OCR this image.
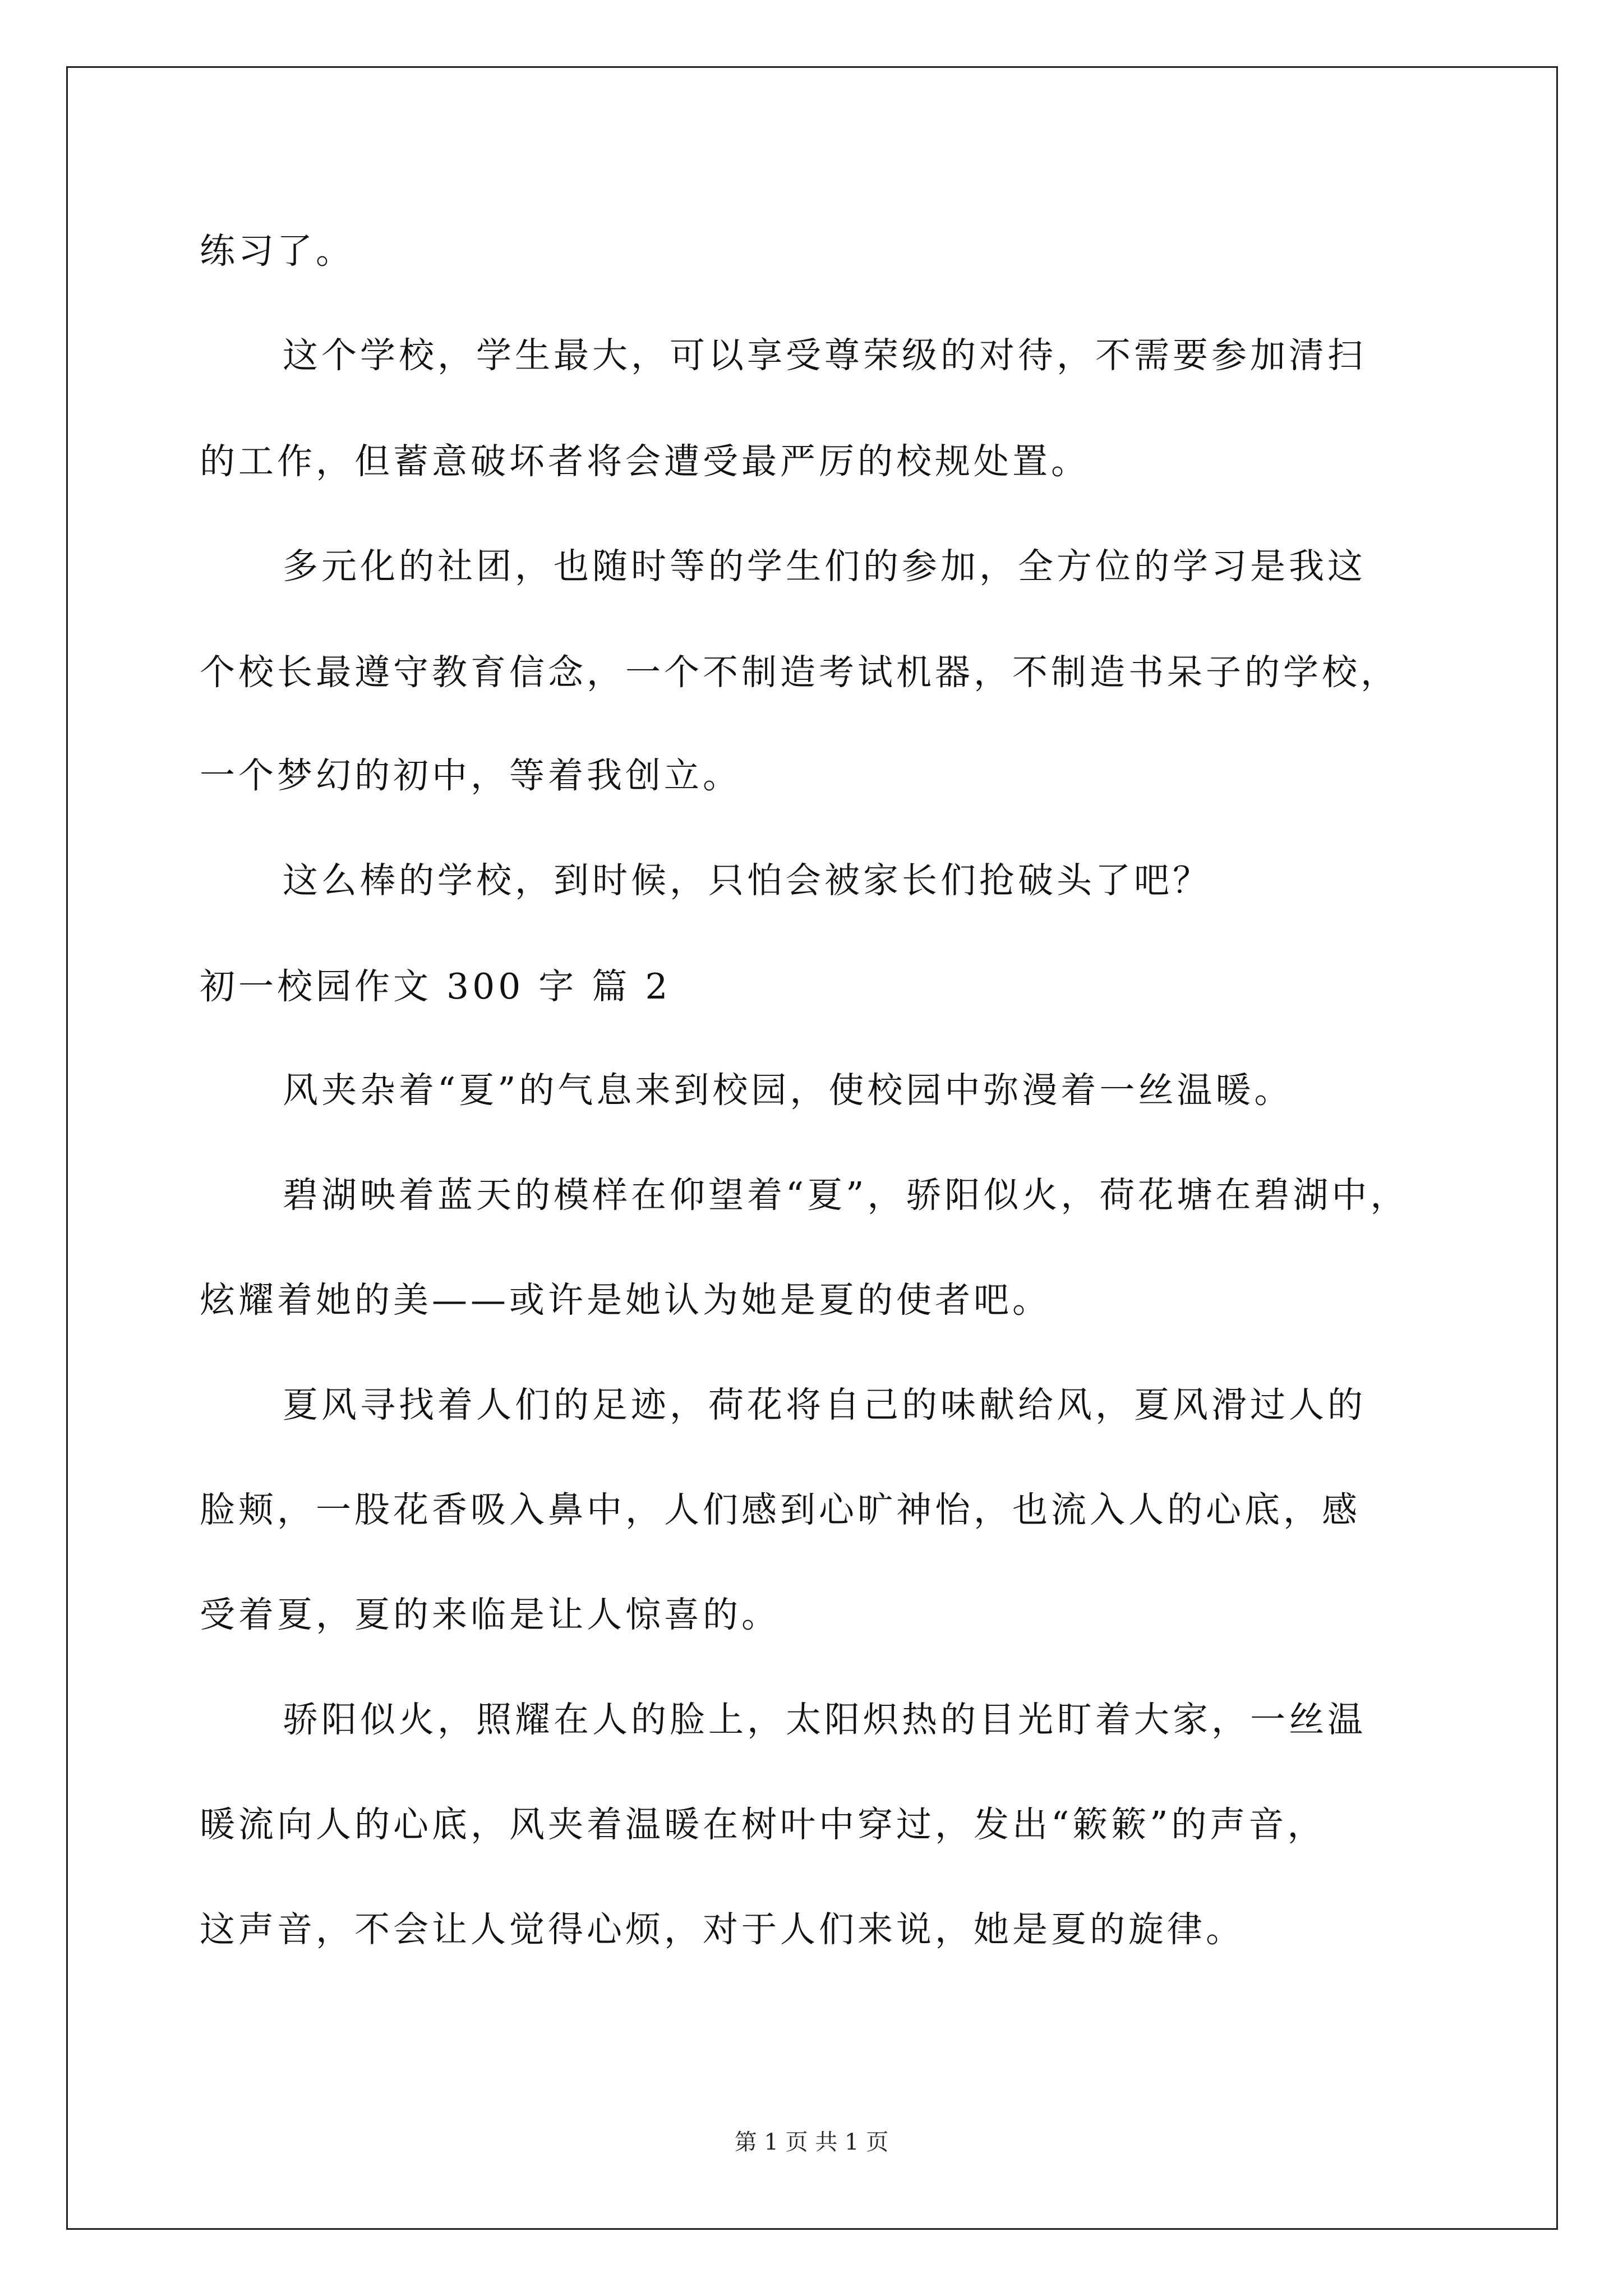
练习了。
这个学校，学生最大，可以享受尊荣级的对待，不需要参加清扫
的工作，但蓄意破坏者将会遭受最严厉的校规处置。
多元化的社团，也随时等的学生们的参加，全方位的学习是我这
个校长最遵守教育信念，一个不制造考试机器，不制造书呆子的学校，
一个梦幻的初中，等着我创立。
这么棒的学校，到时候，只怕会被家长们抢破头了吧？
初一校园作文 300 字 篇 2
风夹杂着“夏”的气息来到校园，使校园中弥漫着一丝温暖。
碧湖映着蓝天的模样在仰望着“夏”，骄阳似火，荷花塘在碧湖中，
炫耀着她的美——或许是她认为她是夏的使者吧。
夏风寻找着人们的足迹，荷花将自己的味献给风，夏风滑过人的
脸颊，一股花香吸入鼻中，人们感到心旷神怡，也流入人的心底，感
受着夏，夏的来临是让人惊喜的。
骄阳似火，照耀在人的脸上，太阳炽热的目光盯着大家，一丝温
暖流向人的心底，风夹着温暖在树叶中穿过，发出“簌簌”的声音，
这声音，不会让人觉得心烦，对于人们来说，她是夏的旋律。
第 1 页 共 1 页
